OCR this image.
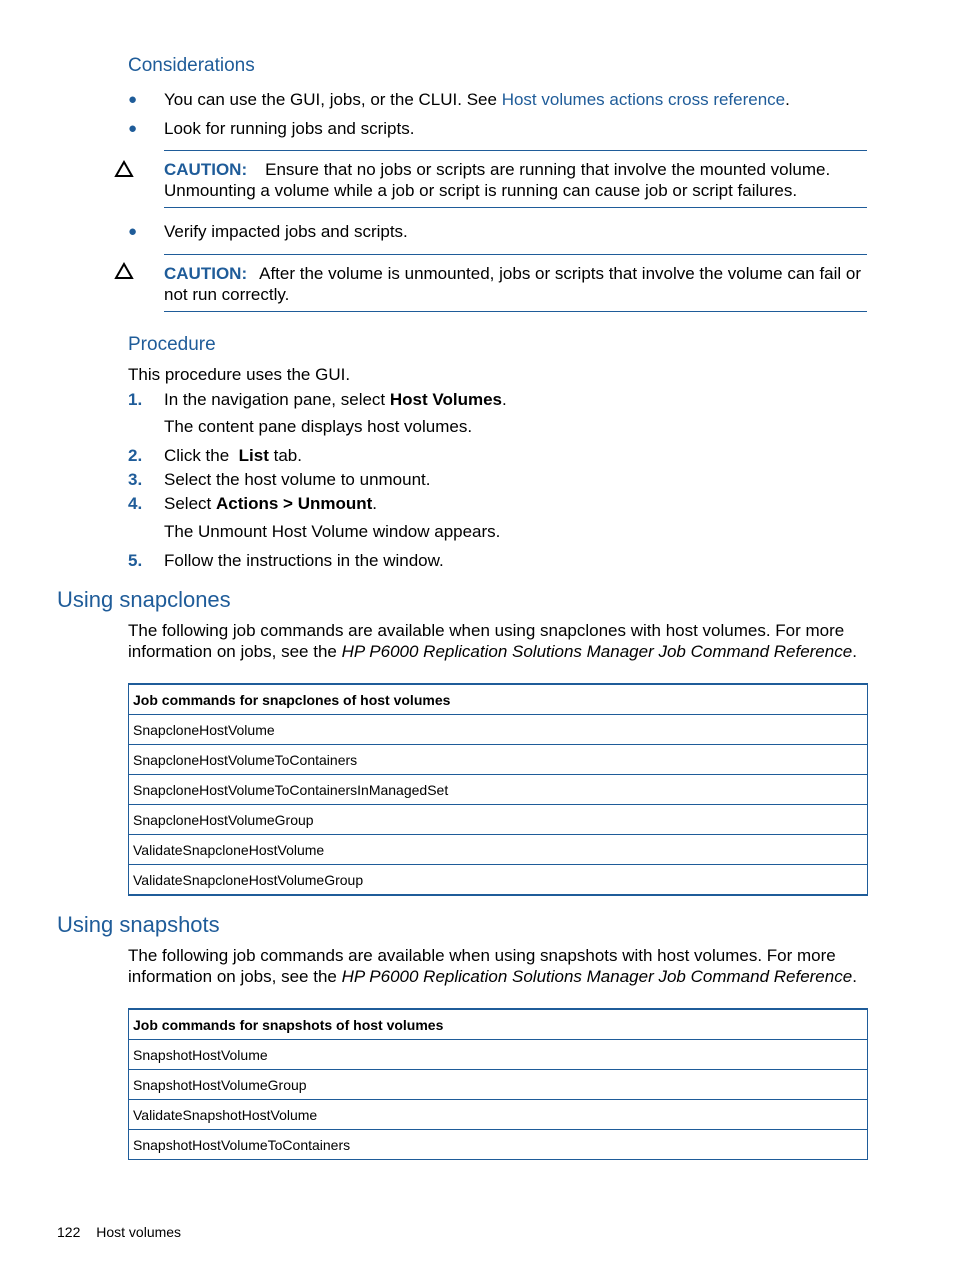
Considerations
● You can use the GUI, jobs, or the CLUI. See Host volumes actions cross reference.
● Look for running jobs and scripts.
CAUTION: Ensure that no jobs or scripts are running that involve the mounted volume.
Unmounting a volume while a job or script is running can cause job or script failures.
● Verify impacted jobs and scripts.
CAUTION: After the volume is unmounted, jobs or scripts that involve the volume can fail or
not run correctly.
Procedure
This procedure uses the GUI.
1. In the navigation pane, select Host Volumes.
The content pane displays host volumes.
2. Click the  List tab.
3. Select the host volume to unmount.
4. Select Actions > Unmount.
The Unmount Host Volume window appears.
5. Follow the instructions in the window.
Using snapclones
The following job commands are available when using snapclones with host volumes. For more
information on jobs, see the HP P6000 Replication Solutions Manager Job Command Reference.
Job commands for snapclones of host volumes
SnapcloneHostVolume
SnapcloneHostVolumeToContainers
SnapcloneHostVolumeToContainersInManagedSet
SnapcloneHostVolumeGroup
ValidateSnapcloneHostVolume
ValidateSnapcloneHostVolumeGroup
Using snapshots
The following job commands are available when using snapshots with host volumes. For more
information on jobs, see the HP P6000 Replication Solutions Manager Job Command Reference.
Job commands for snapshots of host volumes
SnapshotHostVolume
SnapshotHostVolumeGroup
ValidateSnapshotHostVolume
SnapshotHostVolumeToContainers
122 Host volumes
